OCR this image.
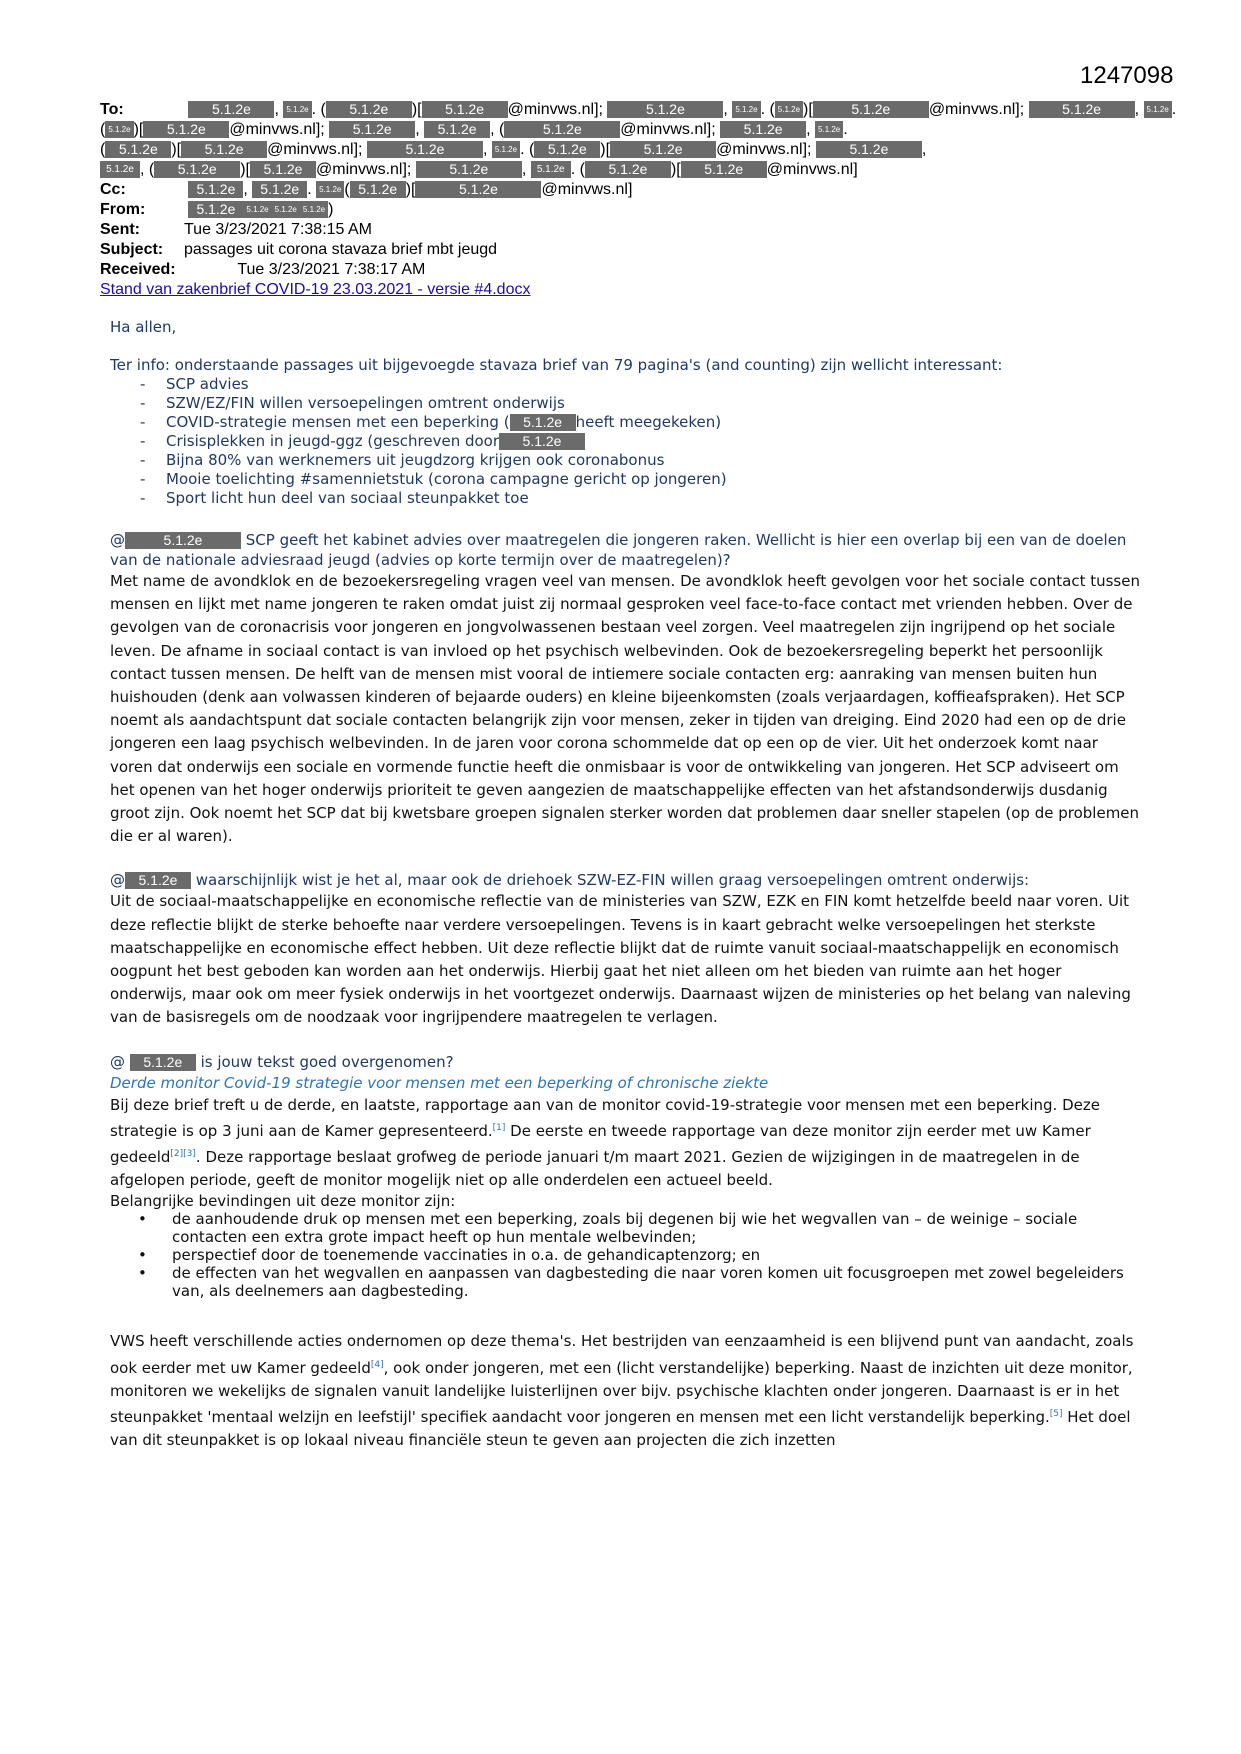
1247098
To:	5.1.2e , 5.1.2e . ( 5.1.2e )[ 5.1.2e @minvws.nl];	5.1.2e , 5.1.2e . ( 5.1.2e )[	5.1.2e @minvws.nl]; 5.1.2e , 5.1.2e .
( 5.1.2e )[ 5.1.2e @minvws.nl]; 5.1.2e , 5.1.2e , (	5.1.2e @minvws.nl]; 5.1.2e , 5.1.2e .
( 5.1.2e )[ 5.1.2e @minvws.nl];	5.1.2e , 5.1.2e . ( 5.1.2e )[ 5.1.2e @minvws.nl]; 5.1.2e ,
5.1.2e , ( 5.1.2e )[ 5.1.2e @minvws.nl]; 5.1.2e , 5.1.2e . ( 5.1.2e )[ 5.1.2e @minvws.nl]
Cc:	5.1.2e , 5.1.2e . 5.1.2e ( 5.1.2e )[	5.1.2e	@minvws.nl]
From:	5.1.2e 5.1.2e 5.1.2e 5.1.2e )
Sent:	Tue 3/23/2021 7:38:15 AM
Subject: passages uit corona stavaza brief mbt jeugd
Received:	Tue 3/23/2021 7:38:17 AM
Stand van zakenbrief COVID-19 23.03.2021 - versie #4.docx

Ha allen,

Ter info: onderstaande passages uit bijgevoegde stavaza brief van 79 pagina's (and counting) zijn wellicht interessant:

- SCP advies
- SZW/EZ/FIN willen versoepelingen omtrent onderwijs
- COVID-strategie mensen met een beperking ( 5.1.2e heeft meegekeken)
- Crisisplekken in jeugd-ggz (geschreven door 5.1.2e
- Bijna 80% van werknemers uit jeugdzorg krijgen ook coronabonus
- Mooie toelichting #samennietstuk (corona campagne gericht op jongeren)
- Sport licht hun deel van sociaal steunpakket toe
@	5.1.2e	SCP geeft het kabinet advies over maatregelen die jongeren raken. Wellicht is hier een overlap bij een van de doelen van de nationale adviesraad jeugd (advies op korte termijn over de maatregelen)?

Met name de avondklok en de bezoekersregeling vragen veel van mensen. De avondklok heeft gevolgen voor het sociale contact tussen mensen en lijkt met name jongeren te raken omdat juist zij normaal gesproken veel face-to-face contact met vrienden hebben. Over de gevolgen van de coronacrisis voor jongeren en jongvolwassenen bestaan veel zorgen. Veel maatregelen zijn ingrijpend op het sociale leven. De afname in sociaal contact is van invloed op het psychisch welbevinden. Ook de bezoekersregeling beperkt het persoonlijk contact tussen mensen. De helft van de mensen mist vooral de intiemere sociale contacten erg: aanraking van mensen buiten hun huishouden (denk aan volwassen kinderen of bejaarde ouders) en kleine bijeenkomsten (zoals verjaardagen, koffieafspraken). Het SCP noemt als aandachtspunt dat sociale contacten belangrijk zijn voor mensen, zeker in tijden van dreiging. Eind 2020 had een op de drie jongeren een laag psychisch welbevinden. In de jaren voor corona schommelde dat op een op de vier. Uit het onderzoek komt naar voren dat onderwijs een sociale en vormende functie heeft die onmisbaar is voor de ontwikkeling van jongeren. Het SCP adviseert om het openen van het hoger onderwijs prioriteit te geven aangezien de maatschappelijke effecten van het afstandsonderwijs dusdanig groot zijn. Ook noemt het SCP dat bij kwetsbare groepen signalen sterker worden dat problemen daar sneller stapelen (op de problemen die er al waren).

@ 5.1.2e waarschijnlijk wist je het al, maar ook de driehoek SZW-EZ-FIN willen graag versoepelingen omtrent onderwijs:

Uit de sociaal-maatschappelijke en economische reflectie van de ministeries van SZW, EZK en FIN komt hetzelfde beeld naar voren. Uit deze reflectie blijkt de sterke behoefte naar verdere versoepelingen. Tevens is in kaart gebracht welke versoepelingen het sterkste maatschappelijke en economische effect hebben. Uit deze reflectie blijkt dat de ruimte vanuit sociaal-maatschappelijk en economisch oogpunt het best geboden kan worden aan het onderwijs. Hierbij gaat het niet alleen om het bieden van ruimte aan het hoger onderwijs, maar ook om meer fysiek onderwijs in het voortgezet onderwijs. Daarnaast wijzen de ministeries op het belang van naleving van de basisregels om de noodzaak voor ingrijpendere maatregelen te verlagen.

@ 5.1.2e is jouw tekst goed overgenomen?
Derde monitor Covid-19 strategie voor mensen met een beperking of chronische ziekte

Bij deze brief treft u de derde, en laatste, rapportage aan van de monitor covid-19-strategie voor mensen met een beperking. Deze strategie is op 3 juni aan de Kamer gepresenteerd.[1] De eerste en tweede rapportage van deze monitor zijn eerder met uw Kamer gedeeld[2][3]. Deze rapportage beslaat grofweg de periode januari t/m maart 2021. Gezien de wijzigingen in de maatregelen in de afgelopen periode, geeft de monitor mogelijk niet op alle onderdelen een actueel beeld.

Belangrijke bevindingen uit deze monitor zijn:

• de aanhoudende druk op mensen met een beperking, zoals bij degenen bij wie het wegvallen van – de weinige – sociale contacten een extra grote impact heeft op hun mentale welbevinden;
• perspectief door de toenemende vaccinaties in o.a. de gehandicaptenzorg; en
• de effecten van het wegvallen en aanpassen van dagbesteding die naar voren komen uit focusgroepen met zowel begeleiders van, als deelnemers aan dagbesteding.

VWS heeft verschillende acties ondernomen op deze thema's. Het bestrijden van eenzaamheid is een blijvend punt van aandacht, zoals ook eerder met uw Kamer gedeeld[4], ook onder jongeren, met een (licht verstandelijke) beperking. Naast de inzichten uit deze monitor, monitoren we wekelijks de signalen vanuit landelijke luisterlijnen over bijv. psychische klachten onder jongeren. Daarnaast is er in het steunpakket 'mentaal welzijn en leefstijl' specifiek aandacht voor jongeren en mensen met een licht verstandelijk beperking.[5] Het doel van dit steunpakket is op lokaal niveau financiële steun te geven aan projecten die zich inzetten
